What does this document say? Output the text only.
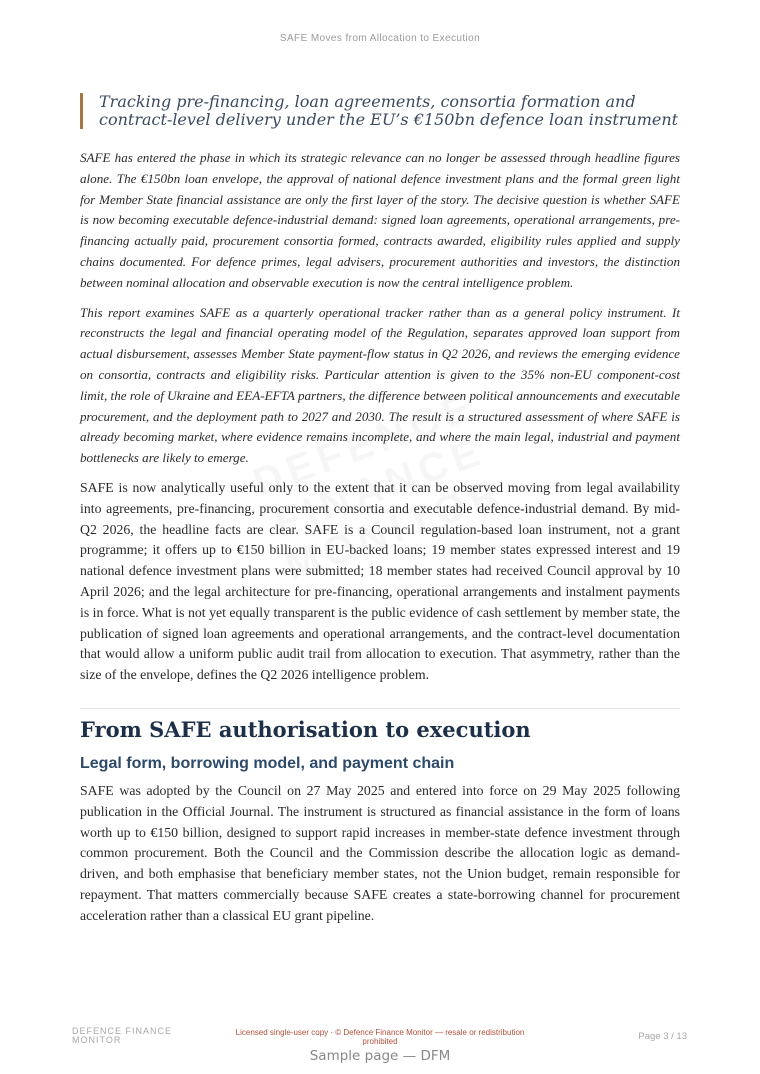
SAFE Moves from Allocation to Execution

Tracking pre-financing, loan agreements, consortia formation and contract-level delivery under the EU’s €150bn defence loan instrument

SAFE has entered the phase in which its strategic relevance can no longer be assessed through headline figures alone. The €150bn loan envelope, the approval of national defence investment plans and the formal green light for Member State financial assistance are only the first layer of the story. The decisive question is whether SAFE is now becoming executable defence-industrial demand: signed loan agreements, operational arrangements, pre-financing actually paid, procurement consortia formed, contracts awarded, eligibility rules applied and supply chains documented. For defence primes, legal advisers, procurement authorities and investors, the distinction between nominal allocation and observable execution is now the central intelligence problem.

This report examines SAFE as a quarterly operational tracker rather than as a general policy instrument. It reconstructs the legal and financial operating model of the Regulation, separates approved loan support from actual disbursement, assesses Member State payment-flow status in Q2 2026, and reviews the emerging evidence on consortia, contracts and eligibility risks. Particular attention is given to the 35% non-EU component-cost limit, the role of Ukraine and EEA-EFTA partners, the difference between political announcements and executable procurement, and the deployment path to 2027 and 2030. The result is a structured assessment of where SAFE is already becoming market, where evidence remains incomplete, and where the main legal, industrial and payment bottlenecks are likely to emerge.

SAFE is now analytically useful only to the extent that it can be observed moving from legal availability into agreements, pre-financing, procurement consortia and executable defence-industrial demand. By mid-Q2 2026, the headline facts are clear. SAFE is a Council regulation-based loan instrument, not a grant programme; it offers up to €150 billion in EU-backed loans; 19 member states expressed interest and 19 national defence investment plans were submitted; 18 member states had received Council approval by 10 April 2026; and the legal architecture for pre-financing, operational arrangements and instalment payments is in force. What is not yet equally transparent is the public evidence of cash settlement by member state, the publication of signed loan agreements and operational arrangements, and the contract-level documentation that would allow a uniform public audit trail from allocation to execution. That asymmetry, rather than the size of the envelope, defines the Q2 2026 intelligence problem.

From SAFE authorisation to execution
Legal form, borrowing model, and payment chain

SAFE was adopted by the Council on 27 May 2025 and entered into force on 29 May 2025 following publication in the Official Journal. The instrument is structured as financial assistance in the form of loans worth up to €150 billion, designed to support rapid increases in member-state defence investment through common procurement. Both the Council and the Commission describe the allocation logic as demand-driven, and both emphasise that beneficiary member states, not the Union budget, remain responsible for repayment. That matters commercially because SAFE creates a state-borrowing channel for procurement acceleration rather than a classical EU grant pipeline.

DEFENCE FINANCE
MONITOR
Licensed single-user copy · © Defence Finance Monitor — resale or redistribution prohibited	Page 3 / 13
Sample page — DFM
